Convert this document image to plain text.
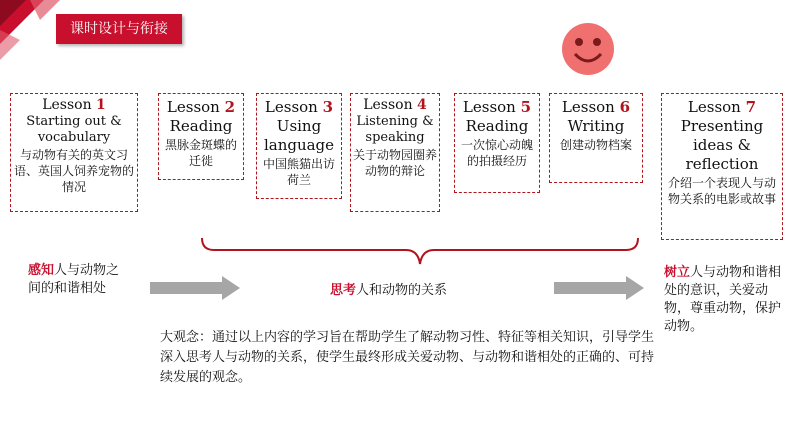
课时设计与衔接
Lesson 1
Starting out & vocabulary
与动物有关的英文习语、英国人饲养宠物的情况
Lesson 2
Reading
黑脉金斑蝶的迁徙
Lesson 3
Using language
中国熊猫出访荷兰
Lesson 4
Listening & speaking
关于动物园圈养动物的辩论
Lesson 5
Reading
一次惊心动魄的拍摄经历
Lesson 6
Writing
创建动物档案
Lesson 7
Presenting ideas & reflection
介绍一个表现人与动物关系的电影或故事
感知人与动物之间的和谐相处	思考人和动物的关系
树立人与动物和谐相处的意识，关爱动物，尊重动物，保护动物。
大观念：通过以上内容的学习旨在帮助学生了解动物习性、特征等相关知识，引导学生深入思考人与动物的关系，使学生最终形成关爱动物、与动物和谐相处的正确的、可持续发展的观念。
